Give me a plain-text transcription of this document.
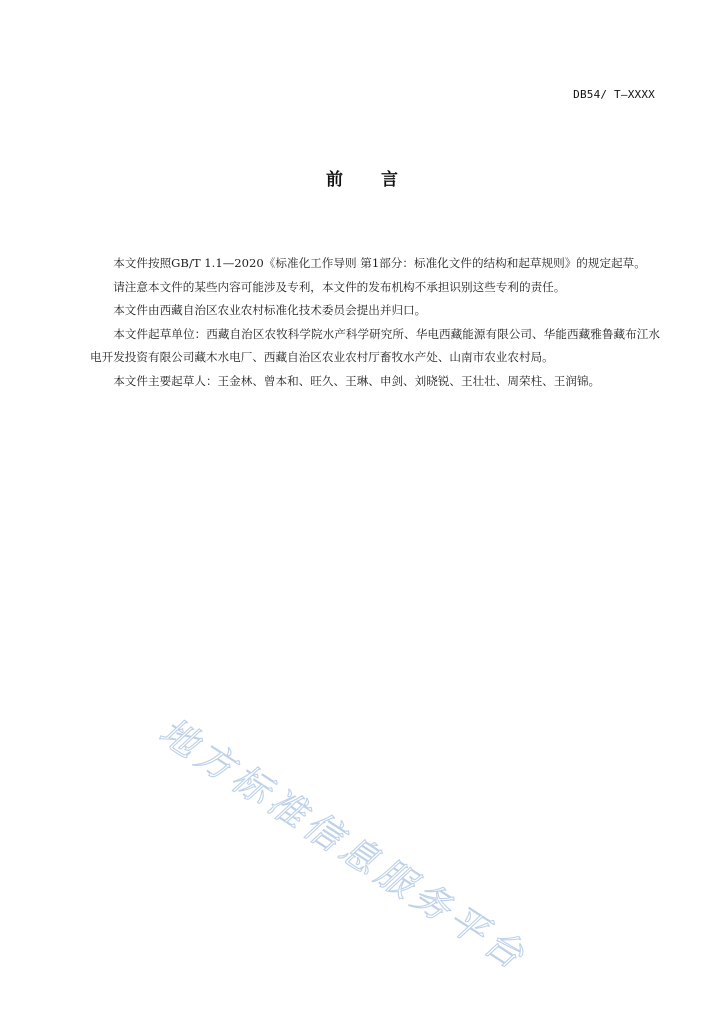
DB54/ T—XXXX
前 言

本文件按照GB/T 1.1—2020《标准化工作导则 第1部分：标准化文件的结构和起草规则》的规定起草。

请注意本文件的某些内容可能涉及专利，本文件的发布机构不承担识别这些专利的责任。

本文件由西藏自治区农业农村标准化技术委员会提出并归口。

本文件起草单位：西藏自治区农牧科学院水产科学研究所、华电西藏能源有限公司、华能西藏雅鲁藏布江水电开发投资有限公司藏木水电厂、西藏自治区农业农村厅畜牧水产处、山南市农业农村局。

本文件主要起草人：王金林、曾本和、旺久、王琳、申剑、刘晓锐、王壮壮、周荣柱、王润锦。

地方标准信息服务平台
